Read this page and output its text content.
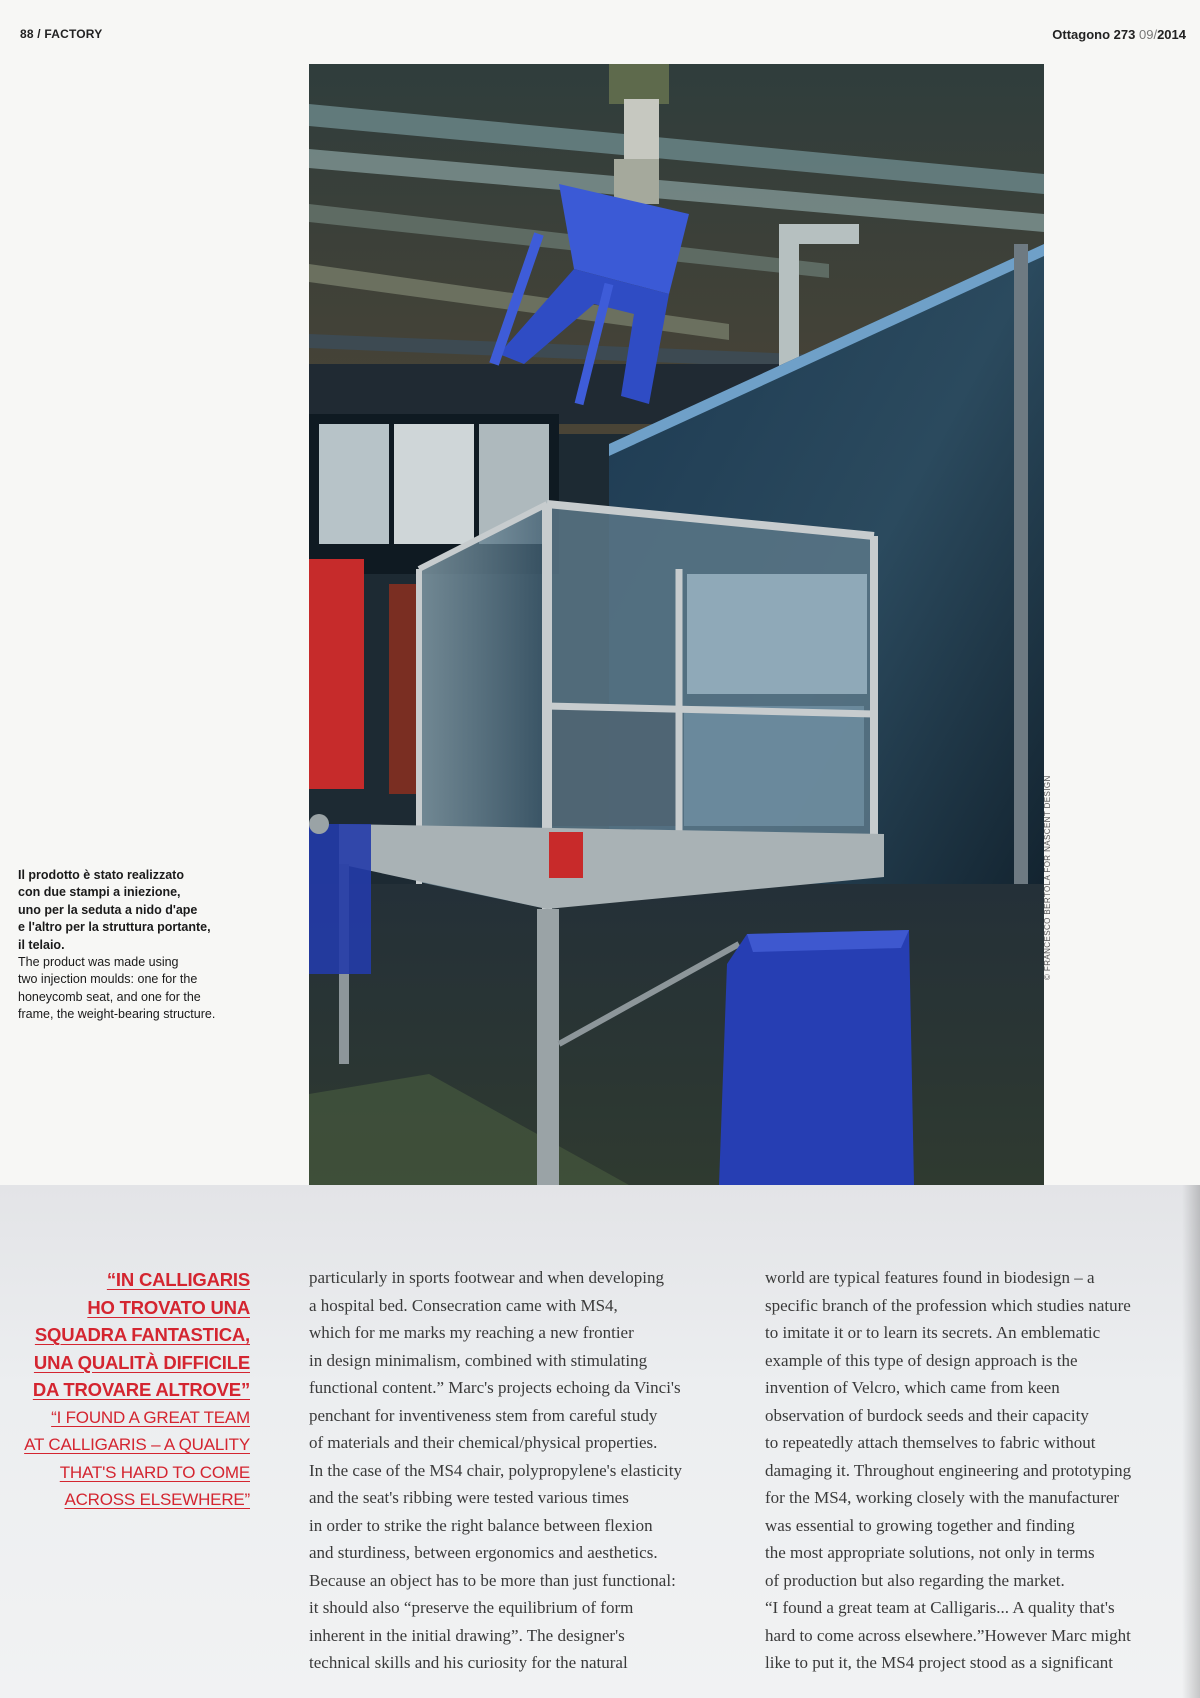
88 / FACTORY	Ottagono 273 09/2014
© FRANCESCO BERTOLA FOR NASCENT DESIGN

Il prodotto è stato realizzato
con due stampi a iniezione,
uno per la seduta a nido d'ape
e l'altro per la struttura portante,
il telaio.

The product was made using
two injection moulds: one for the
honeycomb seat, and one for the
frame, the weight-bearing structure.

“IN CALLIGARIS
HO TROVATO UNA
SQUADRA FANTASTICA,
UNA QUALITÀ DIFFICILE
DA TROVARE ALTROVE”
“I FOUND A GREAT TEAM
AT CALLIGARIS – A QUALITY
THAT'S HARD TO COME
ACROSS ELSEWHERE”
particularly in sports footwear and when developing
a hospital bed. Consecration came with MS4,
which for me marks my reaching a new frontier
in design minimalism, combined with stimulating
functional content.” Marc's projects echoing da Vinci's
penchant for inventiveness stem from careful study
of materials and their chemical/physical properties.
In the case of the MS4 chair, polypropylene's elasticity
and the seat's ribbing were tested various times
in order to strike the right balance between flexion
and sturdiness, between ergonomics and aesthetics.
Because an object has to be more than just functional:
it should also “preserve the equilibrium of form
inherent in the initial drawing”. The designer's
technical skills and his curiosity for the natural
world are typical features found in biodesign – a
specific branch of the profession which studies nature
to imitate it or to learn its secrets. An emblematic
example of this type of design approach is the
invention of Velcro, which came from keen
observation of burdock seeds and their capacity
to repeatedly attach themselves to fabric without
damaging it. Throughout engineering and prototyping
for the MS4, working closely with the manufacturer
was essential to growing together and finding
the most appropriate solutions, not only in terms
of production but also regarding the market.
“I found a great team at Calligaris... A quality that's
hard to come across elsewhere.”However Marc might
like to put it, the MS4 project stood as a significant
